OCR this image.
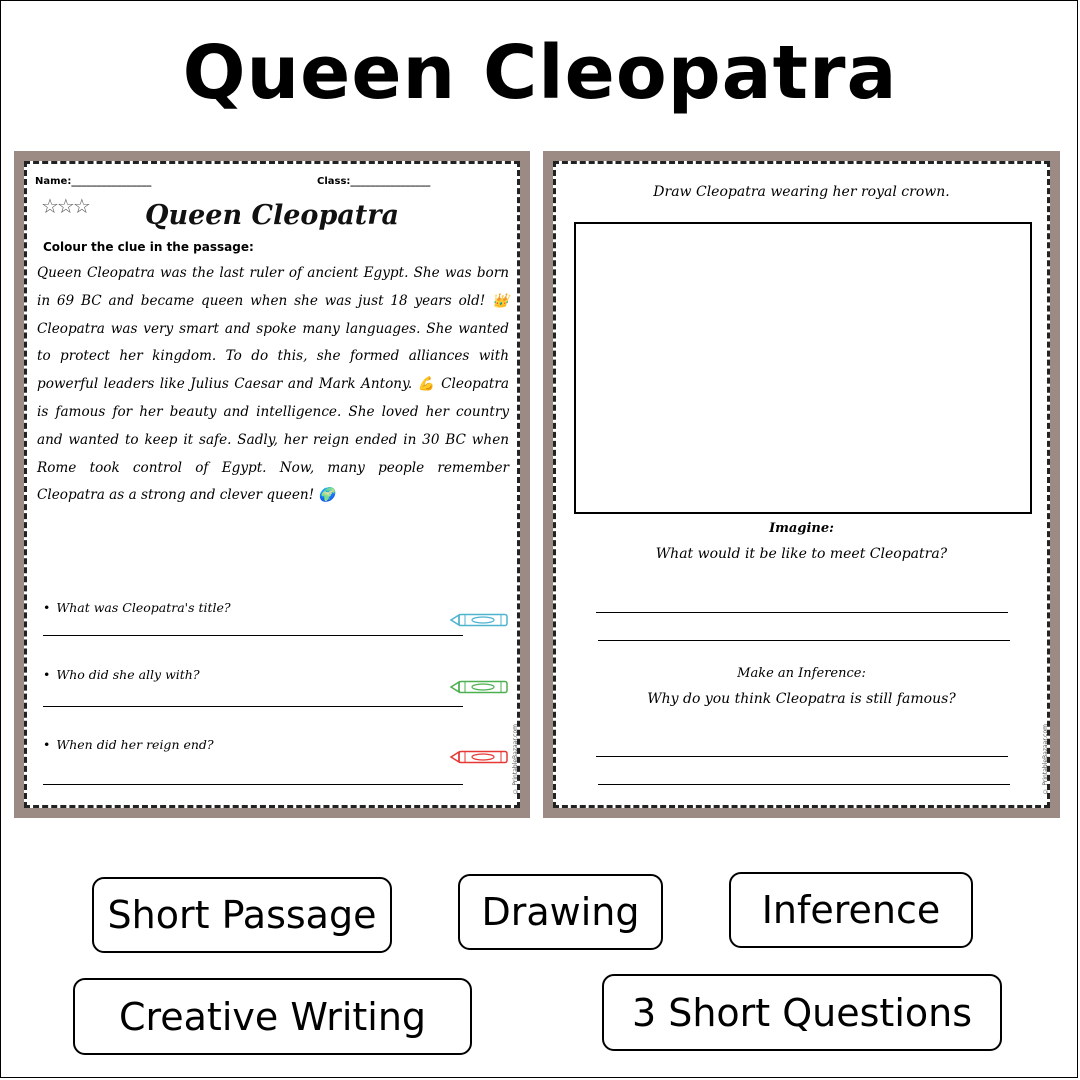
Queen Cleopatra
Name:________________	Class:________________
☆☆☆	Queen Cleopatra
Colour the clue in the passage:
Queen Cleopatra was the last ruler of ancient Egypt. She was born in 69 BC and became queen when she was just 18 years old! 👑 Cleopatra was very smart and spoke many languages. She wanted to protect her kingdom. To do this, she formed alliances with powerful leaders like Julius Caesar and Mark Antony. 💪 Cleopatra is famous for her beauty and intelligence. She loved her country and wanted to keep it safe. Sadly, her reign ended in 30 BC when Rome took control of Egypt. Now, many people remember Cleopatra as a strong and clever queen! 🌍
• What was Cleopatra's title?
• Who did she ally with?
• When did her reign end?	© PrintableBazaar.com
Draw Cleopatra wearing her royal crown.
Imagine:
What would it be like to meet Cleopatra?
Make an Inference:
Why do you think Cleopatra is still famous?
© PrintableBazaar.com
Short Passage	Drawing	Inference
Creative Writing	3 Short Questions
